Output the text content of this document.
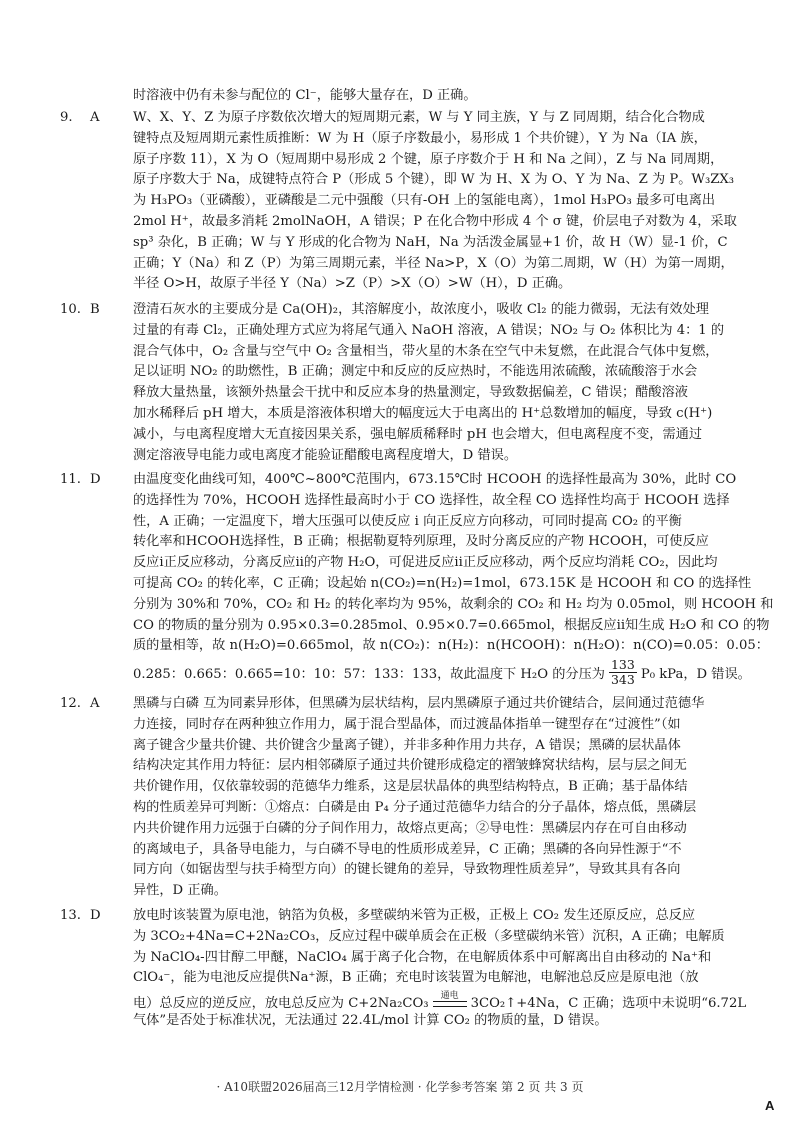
时溶液中仍有未参与配位的 Cl⁻，能够大量存在，D 正确。
9.	A	W、X、Y、Z 为原子序数依次增大的短周期元素，W 与 Y 同主族，Y 与 Z 同周期，结合化合物成
键特点及短周期元素性质推断：W 为 H（原子序数最小，易形成 1 个共价键），Y 为 Na（IA 族，
原子序数 11），X 为 O（短周期中易形成 2 个键，原子序数介于 H 和 Na 之间），Z 与 Na 同周期，
原子序数大于 Na，成键特点符合 P（形成 5 个键），即 W 为 H、X 为 O、Y 为 Na、Z 为 P。W₃ZX₃
为 H₃PO₃（亚磷酸），亚磷酸是二元中强酸（只有-OH 上的氢能电离），1mol H₃PO₃ 最多可电离出
2mol H⁺，故最多消耗 2molNaOH，A 错误；P 在化合物中形成 4 个 σ 键，价层电子对数为 4，采取
sp³ 杂化，B 正确；W 与 Y 形成的化合物为 NaH，Na 为活泼金属显+1 价，故 H（W）显-1 价，C
正确；Y（Na）和 Z（P）为第三周期元素，半径 Na>P，X（O）为第二周期，W（H）为第一周期，
半径 O>H，故原子半径 Y（Na）>Z（P）>X（O）>W（H），D 正确。
10. B	澄清石灰水的主要成分是 Ca(OH)₂，其溶解度小，故浓度小，吸收 Cl₂ 的能力微弱，无法有效处理
过量的有毒 Cl₂，正确处理方式应为将尾气通入 NaOH 溶液，A 错误；NO₂ 与 O₂ 体积比为 4：1 的
混合气体中，O₂ 含量与空气中 O₂ 含量相当，带火星的木条在空气中未复燃，在此混合气体中复燃，
足以证明 NO₂ 的助燃性，B 正确；测定中和反应的反应热时，不能选用浓硫酸，浓硫酸溶于水会
释放大量热量，该额外热量会干扰中和反应本身的热量测定，导致数据偏差，C 错误；醋酸溶液
加水稀释后 pH 增大，本质是溶液体积增大的幅度远大于电离出的 H⁺总数增加的幅度，导致 c(H⁺)
减小，与电离程度增大无直接因果关系，强电解质稀释时 pH 也会增大，但电离程度不变，需通过
测定溶液导电能力或电离度才能验证醋酸电离程度增大，D 错误。
11. D	由温度变化曲线可知，400℃~800℃范围内，673.15℃时 HCOOH 的选择性最高为 30%，此时 CO
的选择性为 70%，HCOOH 选择性最高时小于 CO 选择性，故全程 CO 选择性均高于 HCOOH 选择
性，A 正确；一定温度下，增大压强可以使反应 i 向正反应方向移动，可同时提高 CO₂ 的平衡
转化率和HCOOH选择性，B 正确；根据勒夏特列原理，及时分离反应的产物 HCOOH，可使反应
反应i正反应移动，分离反应ii的产物 H₂O，可促进反应ii正反应移动，两个反应均消耗 CO₂，因此均
可提高 CO₂ 的转化率，C 正确；设起始 n(CO₂)=n(H₂)=1mol，673.15K 是 HCOOH 和 CO 的选择性
分别为 30%和 70%，CO₂ 和 H₂ 的转化率均为 95%，故剩余的 CO₂ 和 H₂ 均为 0.05mol，则 HCOOH 和
CO 的物质的量分别为 0.95×0.3=0.285mol、0.95×0.7=0.665mol，根据反应ii知生成 H₂O 和 CO 的物
质的量相等，故 n(H₂O)=0.665mol，故 n(CO₂)：n(H₂)：n(HCOOH)：n(H₂O)：n(CO)=0.05：0.05：
0.285：0.665：0.665=10：10：57：133：133，故此温度下 H₂O 的分压为
133
343 P₀ kPa，D 错误。
12. A	黑磷与白磷 互为同素异形体，但黑磷为层状结构，层内黑磷原子通过共价键结合，层间通过范德华
力连接，同时存在两种独立作用力，属于混合型晶体，而过渡晶体指单一键型存在“过渡性”（如
离子键含少量共价键、共价键含少量离子键），并非多种作用力共存，A 错误；黑磷的层状晶体
结构决定其作用力特征：层内相邻磷原子通过共价键形成稳定的褶皱蜂窝状结构，层与层之间无
共价键作用，仅依靠较弱的范德华力维系，这是层状晶体的典型结构特点，B 正确；基于晶体结
构的性质差异可判断：①熔点：白磷是由 P₄ 分子通过范德华力结合的分子晶体，熔点低，黑磷层
内共价键作用力远强于白磷的分子间作用力，故熔点更高；②导电性：黑磷层内存在可自由移动
的离域电子，具备导电能力，与白磷不导电的性质形成差异，C 正确；黑磷的各向异性源于“不
同方向（如锯齿型与扶手椅型方向）的键长键角的差异，导致物理性质差异”，导致其具有各向
异性，D 正确。
13. D	放电时该装置为原电池，钠箔为负极，多壁碳纳米管为正极，正极上 CO₂ 发生还原反应，总反应
为 3CO₂+4Na=C+2Na₂CO₃，反应过程中碳单质会在正极（多壁碳纳米管）沉积，A 正确；电解质
为 NaClO₄-四甘醇二甲醚，NaClO₄ 属于离子化合物，在电解质体系中可解离出自由移动的 Na⁺和
ClO₄⁻，能为电池反应提供Na⁺源，B 正确；充电时该装置为电解池，电解池总反应是原电池（放
电）总反应的逆反应，放电总反应为 C+2Na₂CO₃ 通电 3CO₂↑+4Na，C 正确；选项中未说明“6.72L
气体”是否处于标准状况，无法通过 22.4L/mol 计算 CO₂ 的物质的量，D 错误。
· A10联盟2026届高三12月学情检测 · 化学参考答案 第 2 页 共 3 页
A
